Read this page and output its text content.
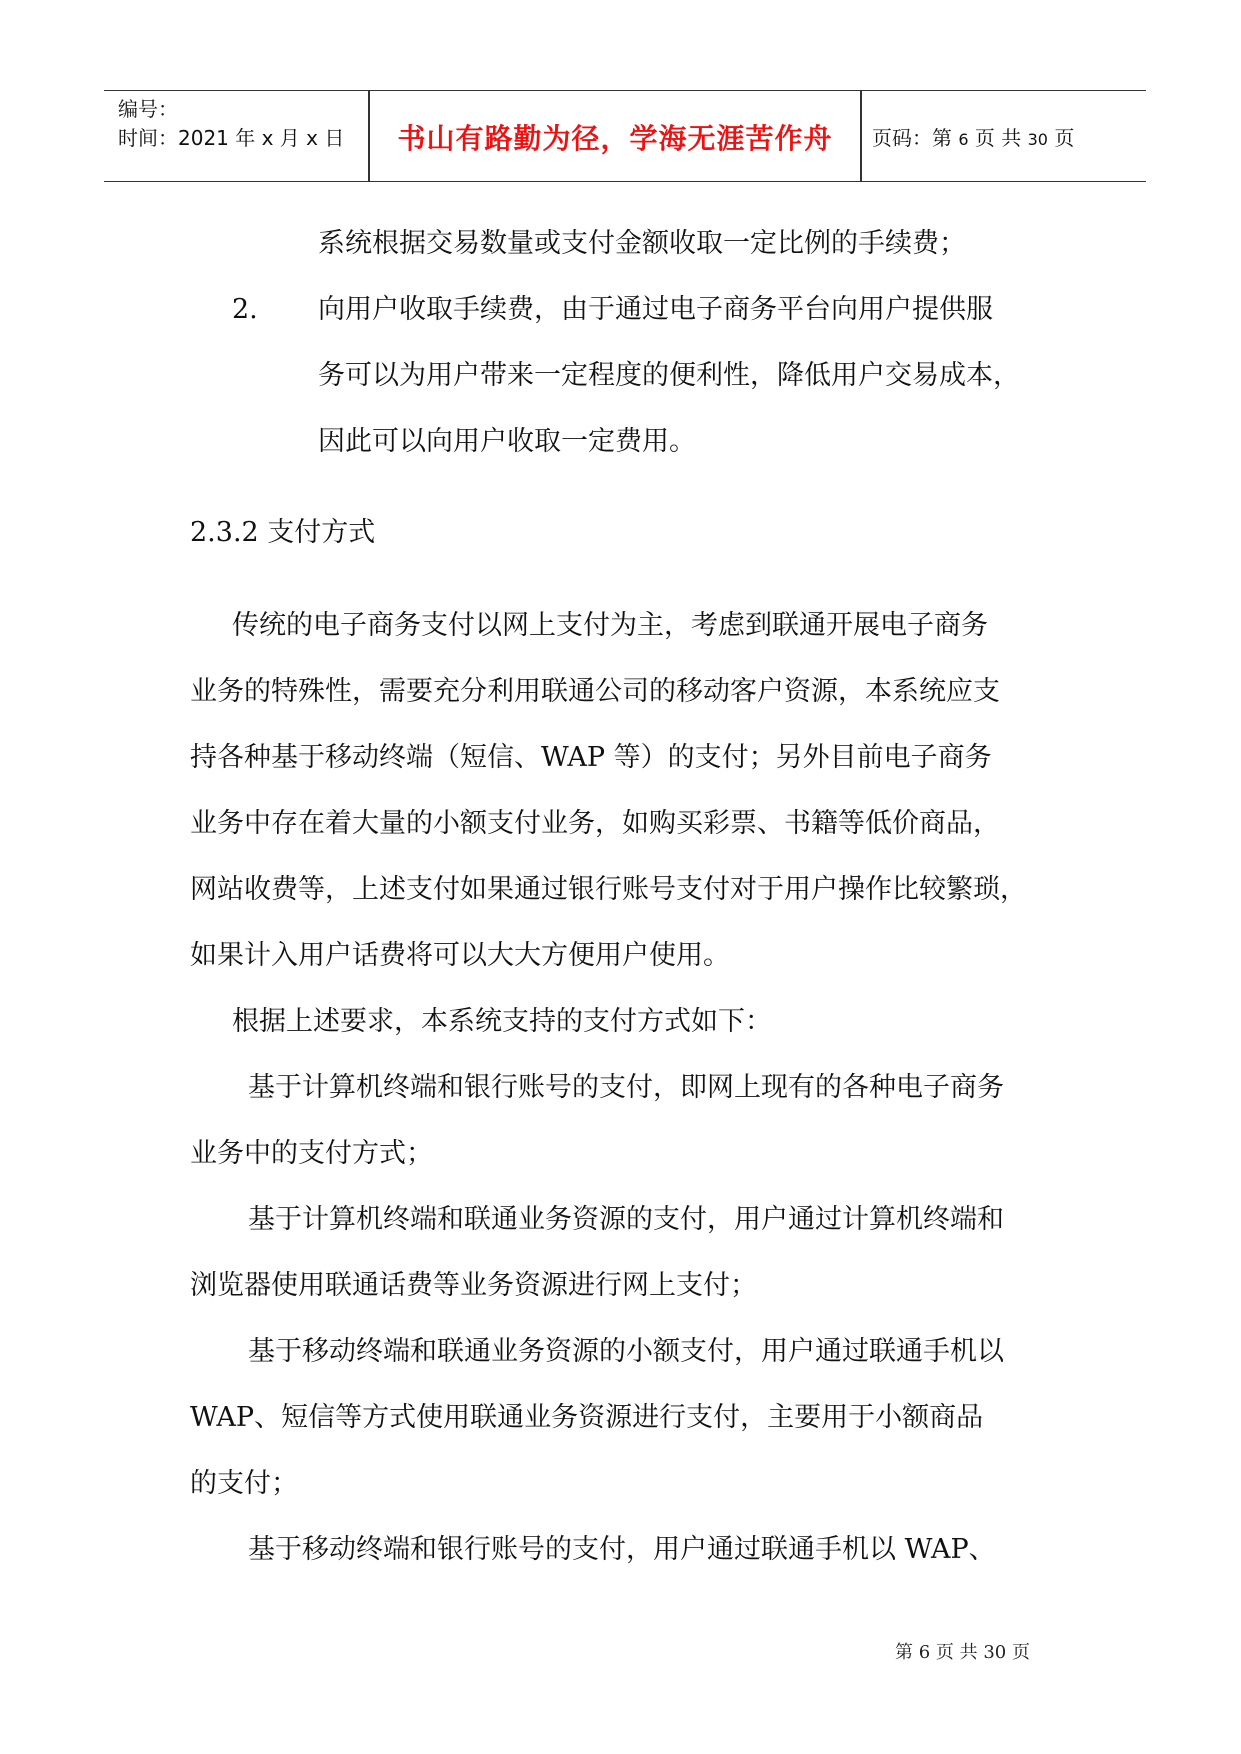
编号：
时间：2021 年 x 月 x 日	书山有路勤为径，学海无涯苦作舟	页码：第 6 页 共 30 页
系统根据交易数量或支付金额收取一定比例的手续费；
2. 向用户收取手续费，由于通过电子商务平台向用户提供服
务可以为用户带来一定程度的便利性，降低用户交易成本，
因此可以向用户收取一定费用。
2.3.2 支付方式
传统的电子商务支付以网上支付为主，考虑到联通开展电子商务
业务的特殊性，需要充分利用联通公司的移动客户资源，本系统应支
持各种基于移动终端（短信、WAP 等）的支付；另外目前电子商务
业务中存在着大量的小额支付业务，如购买彩票、书籍等低价商品，
网站收费等，上述支付如果通过银行账号支付对于用户操作比较繁琐，
如果计入用户话费将可以大大方便用户使用。
根据上述要求，本系统支持的支付方式如下：
基于计算机终端和银行账号的支付，即网上现有的各种电子商务
业务中的支付方式；
基于计算机终端和联通业务资源的支付，用户通过计算机终端和
浏览器使用联通话费等业务资源进行网上支付；
基于移动终端和联通业务资源的小额支付，用户通过联通手机以
WAP、短信等方式使用联通业务资源进行支付，主要用于小额商品
的支付；
基于移动终端和银行账号的支付，用户通过联通手机以 WAP、
第 6 页 共 30 页
